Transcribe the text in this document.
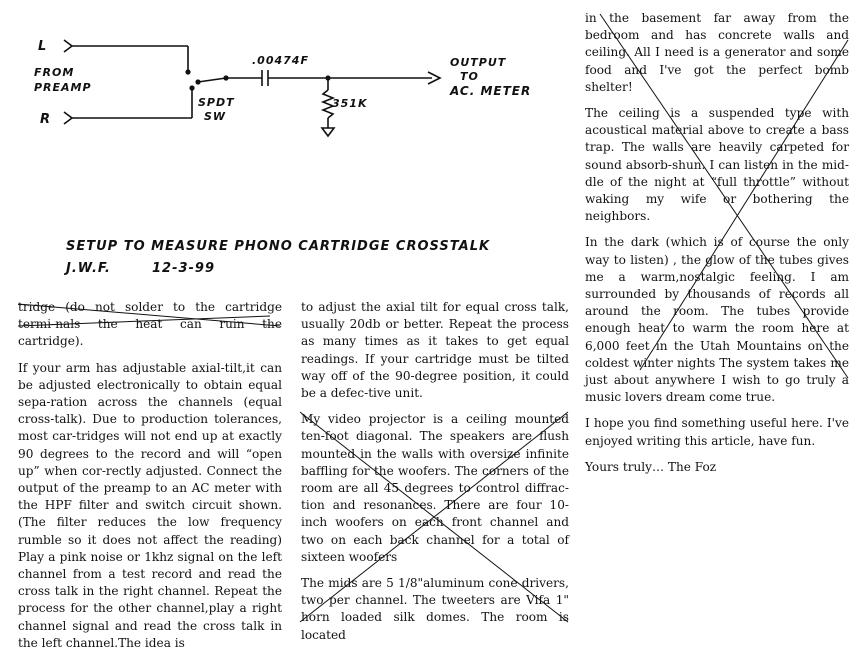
L
R
FROM
PREAMP
SPDT
SW
.00474F
351K
OUTPUT
TO
AC. METER
SETUP TO MEASURE PHONO CARTRIDGE CROSSTALK
J.W.F.	12-3-99

tridge (do not solder to the cartridge termi-nals the heat can ruin the cartridge).

If your arm has adjustable axial-tilt,it can be adjusted electronically to obtain equal sepa-ration across the channels (equal cross-talk). Due to production tolerances, most car-tridges will not end up at exactly 90 degrees to the record and will “open up” when cor-rectly adjusted. Connect the output of the preamp to an AC meter with the HPF filter and switch circuit shown. (The filter reduces the low frequency rumble so it does not affect the reading) Play a pink noise or 1khz signal on the left channel from a test record and read the cross talk in the right channel. Repeat the process for the other channel,play a right channel signal and read the cross talk in the left channel.The idea is

to adjust the axial tilt for equal cross talk, usually 20db or better. Repeat the process as many times as it takes to get equal readings. If your cartridge must be tilted way off of the 90-degree position, it could be a defec-tive unit.

My video projector is a ceiling mounted ten-foot diagonal. The speakers are flush mounted in the walls with oversize infinite baffling for the woofers. The corners of the room are all 45 degrees to control diffrac-tion and resonances. There are four 10-inch woofers on each front channel and two on each back channel for a total of sixteen woofers

The mids are 5 1/8"aluminum cone drivers, two per channel. The tweeters are Vifa 1" horn loaded silk domes. The room is located

in the basement far away from the bedroom and has concrete walls and ceiling. All I need is a generator and some food and I've got the perfect bomb shelter!

The ceiling is a suspended type with acoustical material above to create a bass trap. The walls are heavily carpeted for sound absorb-shun. I can listen in the mid-dle of the night at “full throttle” without waking my wife or bothering the neighbors.

In the dark (which is of course the only way to listen) , the glow of the tubes gives me a warm,nostalgic feeling. I am surrounded by thousands of records all around the room. The tubes provide enough heat to warm the room here at 6,000 feet in the Utah Mountains on the coldest winter nights The system takes me just about anywhere I wish to go truly a music lovers dream come true.

I hope you find something useful here. I've enjoyed writing this article, have fun.

Yours truly… The Foz
